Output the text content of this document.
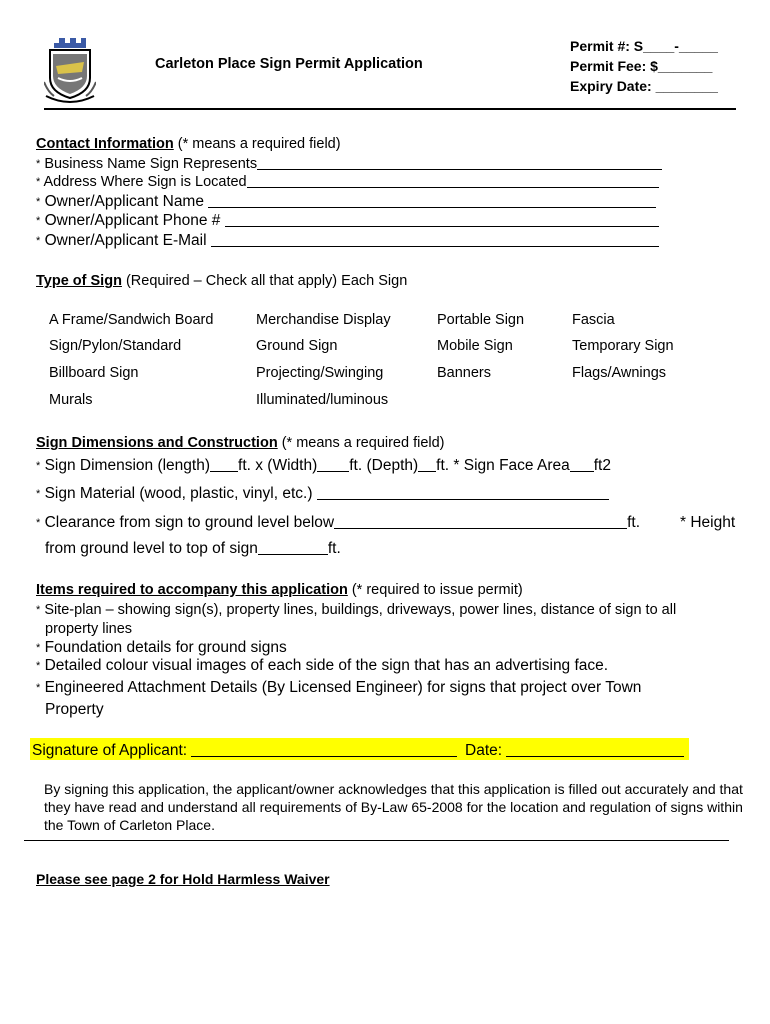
Carleton Place Sign Permit Application
Permit #: S____-_____
Permit Fee: $_______
Expiry Date: ________
Contact Information (* means a required field)
* Business Name Sign Represents
* Address Where Sign is Located
* Owner/Applicant Name
* Owner/Applicant Phone #
* Owner/Applicant E-Mail
Type of Sign (Required – Check all that apply) Each Sign
A Frame/Sandwich Board	Merchandise Display	Portable Sign	Fascia
Sign/Pylon/Standard	Ground Sign	Mobile Sign	Temporary Sign
Billboard Sign	Projecting/Swinging	Banners	Flags/Awnings
Murals	Illuminated/luminous
Sign Dimensions and Construction (* means a required field)
* Sign Dimension (length) ft. x (Width) ft. (Depth) ft. * Sign Face Area ft2
* Sign Material (wood, plastic, vinyl, etc.)
* Clearance from sign to ground level below	ft.	* Height
from ground level to top of sign	ft.
Items required to accompany this application (* required to issue permit)
* Site-plan – showing sign(s), property lines, buildings, driveways, power lines, distance of sign to all
property lines
* Foundation details for ground signs
* Detailed colour visual images of each side of the sign that has an advertising face.
* Engineered Attachment Details (By Licensed Engineer) for signs that project over Town
Property
Signature of Applicant:	Date:
By signing this application, the applicant/owner acknowledges that this application is filled out accurately and that they have read and understand all requirements of By-Law 65-2008 for the location and regulation of signs within the Town of Carleton Place.
Please see page 2 for Hold Harmless Waiver
